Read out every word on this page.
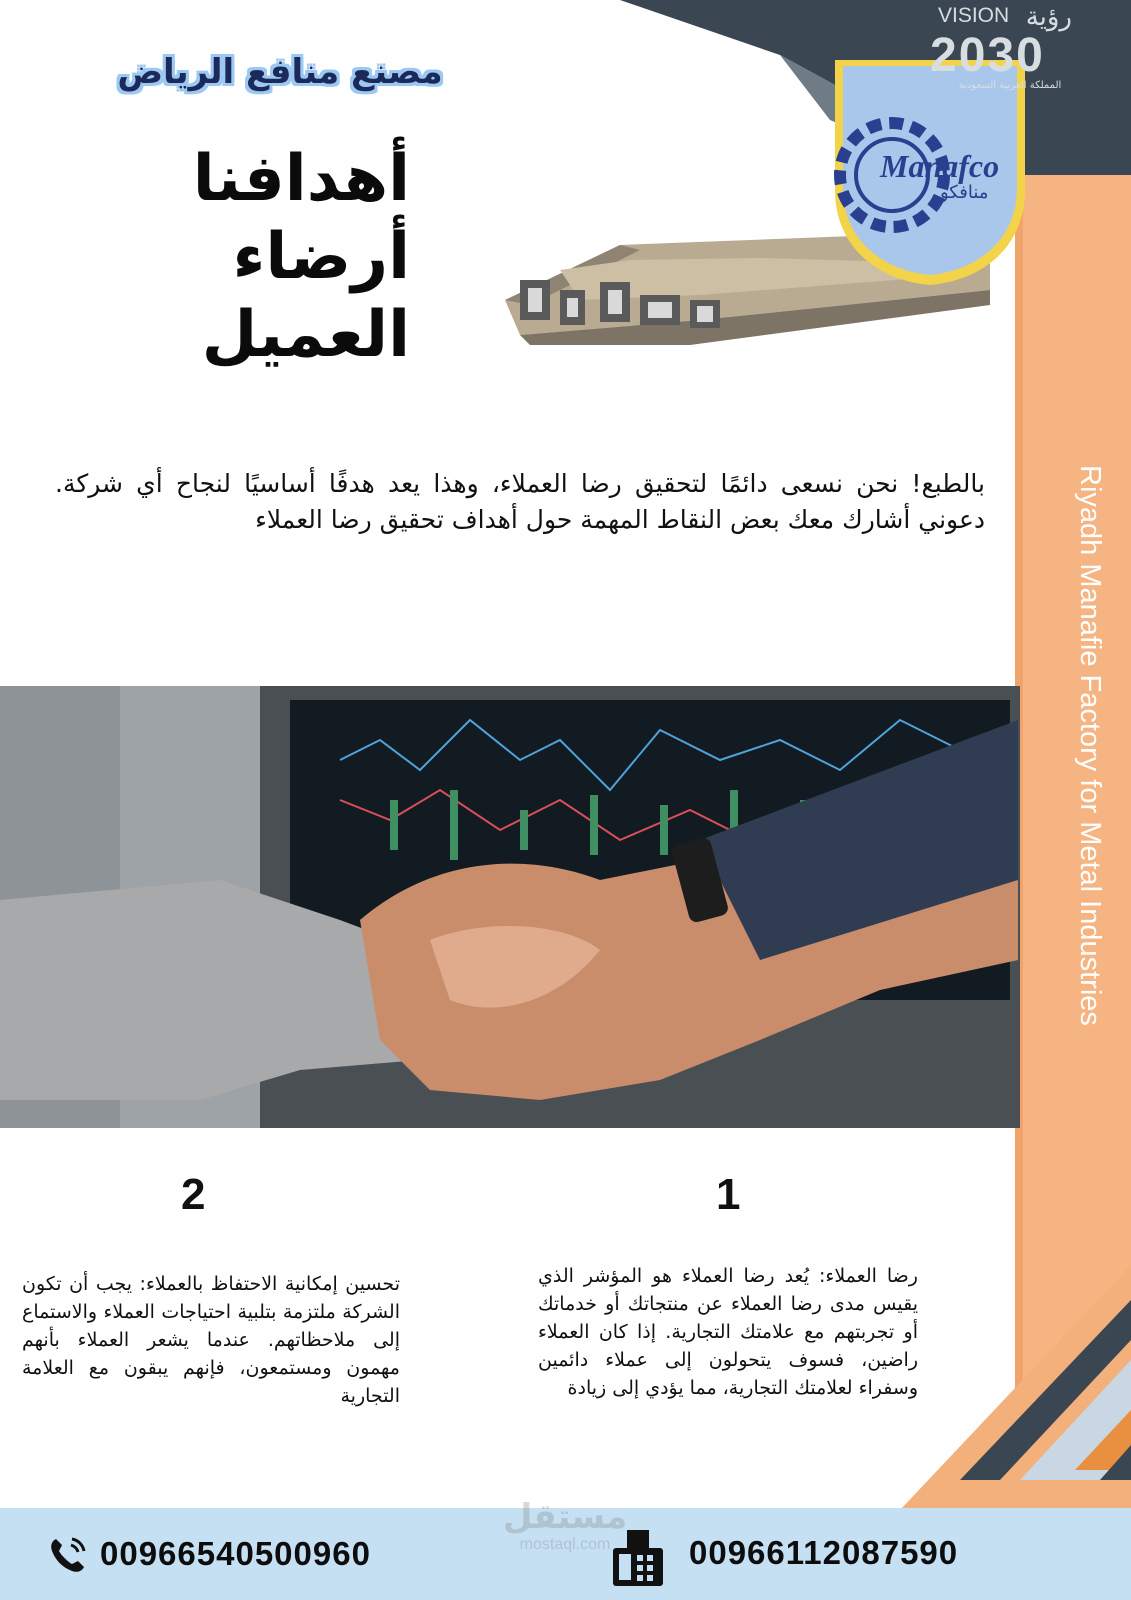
رؤية
VISION
2030
المملكة العربية السعودية
Manafco
منافكو
مصنع منافع الرياض
أهدافنا
أرضاء
العميل
بالطبع! نحن نسعى دائمًا لتحقيق رضا العملاء، وهذا يعد هدفًا أساسيًا لنجاح أي شركة. دعوني أشارك معك بعض النقاط المهمة حول أهداف تحقيق رضا العملاء	Riyadh Manafie Factory for Metal Industries
2	1
تحسين إمكانية الاحتفاظ بالعملاء: يجب أن تكون الشركة ملتزمة بتلبية احتياجات العملاء والاستماع إلى ملاحظاتهم. عندما يشعر العملاء بأنهم مهمون ومستمعون، فإنهم يبقون مع العلامة التجارية
رضا العملاء: يُعد رضا العملاء هو المؤشر الذي يقيس مدى رضا العملاء عن منتجاتك أو خدماتك أو تجربتهم مع علامتك التجارية. إذا كان العملاء راضين، فسوف يتحولون إلى عملاء دائمين وسفراء لعلامتك التجارية، مما يؤدي إلى زيادة
مستقل
mostaql.com
00966540500960	00966112087590
